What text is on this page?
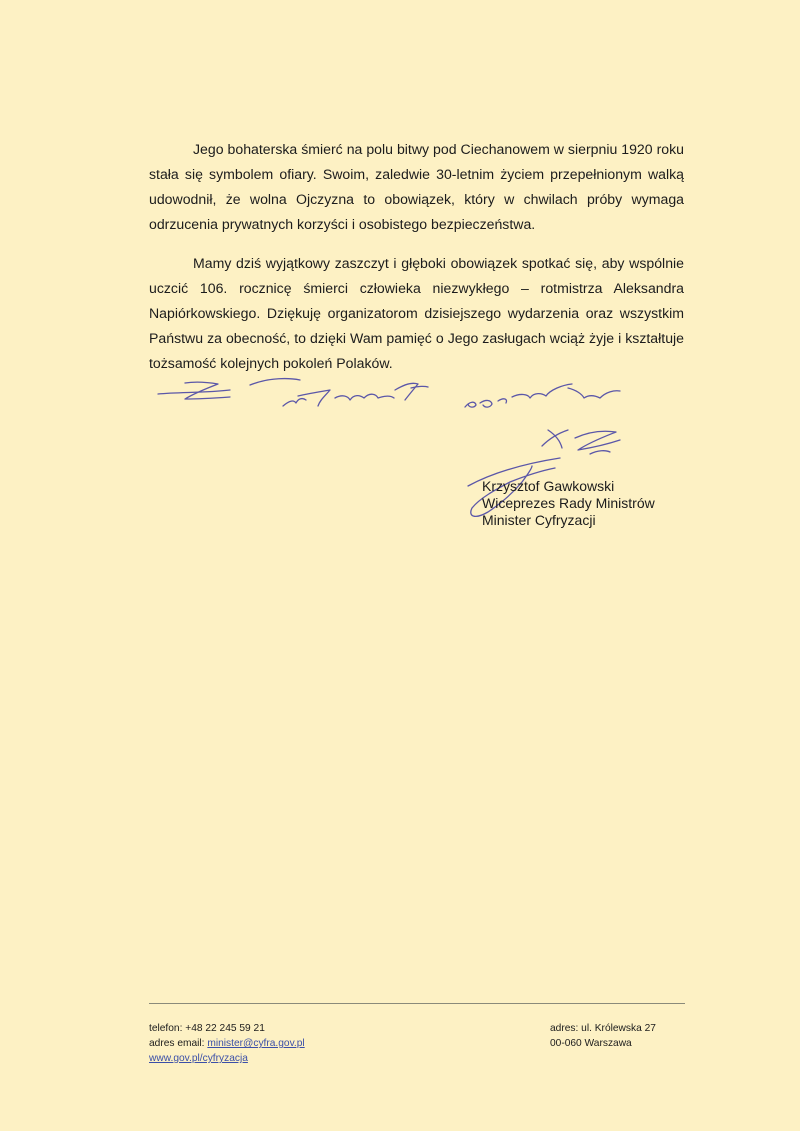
Jego bohaterska śmierć na polu bitwy pod Ciechanowem w sierpniu 1920 roku stała się symbolem ofiary. Swoim, zaledwie 30-letnim życiem przepełnionym walką udowodnił, że wolna Ojczyzna to obowiązek, który w chwilach próby wymaga odrzucenia prywatnych korzyści i osobistego bezpieczeństwa.

Mamy dziś wyjątkowy zaszczyt i głęboki obowiązek spotkać się, aby wspólnie uczcić 106. rocznicę śmierci człowieka niezwykłego – rotmistrza Aleksandra Napiórkowskiego. Dziękuję organizatorom dzisiejszego wydarzenia oraz wszystkim Państwu za obecność, to dzięki Wam pamięć o Jego zasługach wciąż żyje i kształtuje tożsamość kolejnych pokoleń Polaków.

Krzysztof Gawkowski
Wiceprezes Rady Ministrów
Minister Cyfryzacji
telefon: +48 22 245 59 21
adres email: minister@cyfra.gov.pl
www.gov.pl/cyfryzacja
adres: ul. Królewska 27
00-060 Warszawa
